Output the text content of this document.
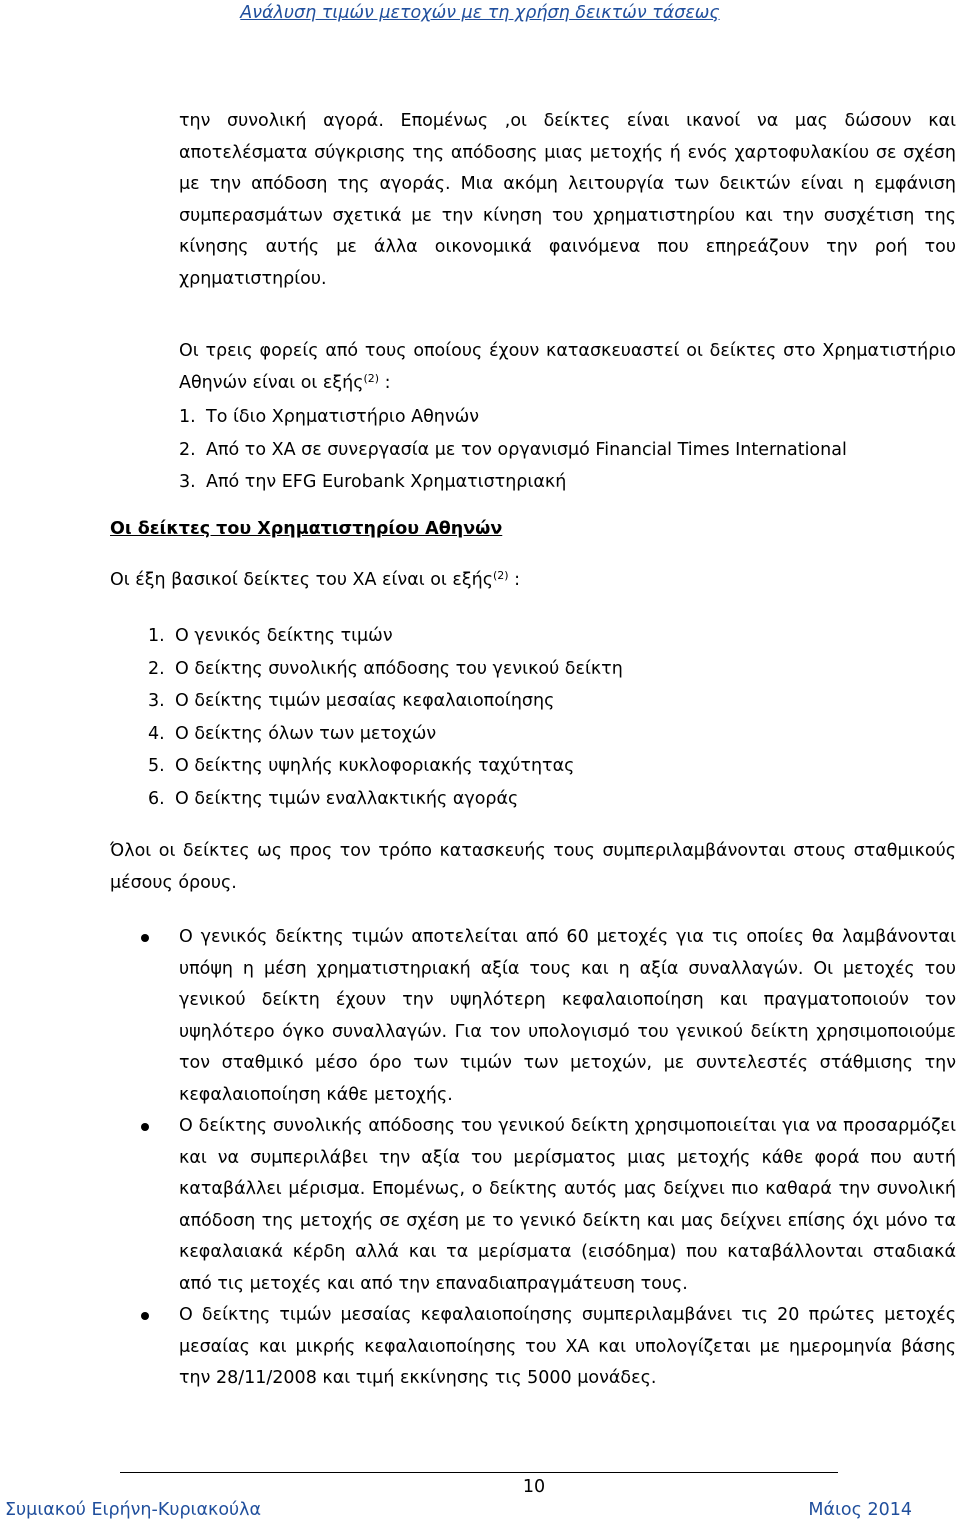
Ανάλυση τιμών μετοχών με τη χρήση δεικτών τάσεως

την συνολική αγορά. Επομένως ,οι δείκτες είναι ικανοί να μας δώσουν και αποτελέσματα σύγκρισης της απόδοσης μιας μετοχής ή ενός χαρτοφυλακίου σε σχέση με την απόδοση της αγοράς. Μια ακόμη λειτουργία των δεικτών είναι η εμφάνιση συμπερασμάτων σχετικά με την κίνηση του χρηματιστηρίου και την συσχέτιση της κίνησης αυτής με άλλα οικονομικά φαινόμενα που επηρεάζουν την ροή του χρηματιστηρίου.

Οι τρεις φορείς από τους οποίους έχουν κατασκευαστεί οι δείκτες στο Χρηματιστήριο Αθηνών είναι οι εξής$^{(2)}$ :

1. Το ίδιο Χρηματιστήριο Αθηνών
2. Από το ΧΑ σε συνεργασία με τον οργανισμό Financial Times International
3. Από την EFG Eurobank Χρηματιστηριακή
Οι δείκτες του Χρηματιστηρίου Αθηνών
Οι έξη βασικοί δείκτες του ΧΑ είναι οι εξής$^{(2)}$ :
1. Ο γενικός δείκτης τιμών
2. Ο δείκτης συνολικής απόδοσης του γενικού δείκτη
3. Ο δείκτης τιμών μεσαίας κεφαλαιοποίησης
4. Ο δείκτης όλων των μετοχών
5. Ο δείκτης υψηλής κυκλοφοριακής ταχύτητας
6. Ο δείκτης τιμών εναλλακτικής αγοράς

Όλοι οι δείκτες ως προς τον τρόπο κατασκευής τους συμπεριλαμβάνονται στους σταθμικούς μέσους όρους.

Ο γενικός δείκτης τιμών αποτελείται από 60 μετοχές για τις οποίες θα λαμβάνονται υπόψη η μέση χρηματιστηριακή αξία τους και η αξία συναλλαγών. Οι μετοχές του γενικού δείκτη έχουν την υψηλότερη κεφαλαιοποίηση και πραγματοποιούν τον υψηλότερο όγκο συναλλαγών. Για τον υπολογισμό του γενικού δείκτη χρησιμοποιούμε τον σταθμικό μέσο όρο των τιμών των μετοχών, με συντελεστές στάθμισης την κεφαλαιοποίηση κάθε μετοχής.
Ο δείκτης συνολικής απόδοσης του γενικού δείκτη χρησιμοποιείται για να προσαρμόζει και να συμπεριλάβει την αξία του μερίσματος μιας μετοχής κάθε φορά που αυτή καταβάλλει μέρισμα. Επομένως, ο δείκτης αυτός μας δείχνει πιο καθαρά την συνολική απόδοση της μετοχής σε σχέση με το γενικό δείκτη και μας δείχνει επίσης όχι μόνο τα κεφαλαιακά κέρδη αλλά και τα μερίσματα (εισόδημα) που καταβάλλονται σταδιακά από τις μετοχές και από την επαναδιαπραγμάτευση τους.
Ο δείκτης τιμών μεσαίας κεφαλαιοποίησης συμπεριλαμβάνει τις 20 πρώτες μετοχές μεσαίας και μικρής κεφαλαιοποίησης του ΧΑ και υπολογίζεται με ημερομηνία βάσης την 28/11/2008 και τιμή εκκίνησης τις 5000 μονάδες.
10
Συμιακού Ειρήνη-Κυριακούλα	Μάιος 2014
